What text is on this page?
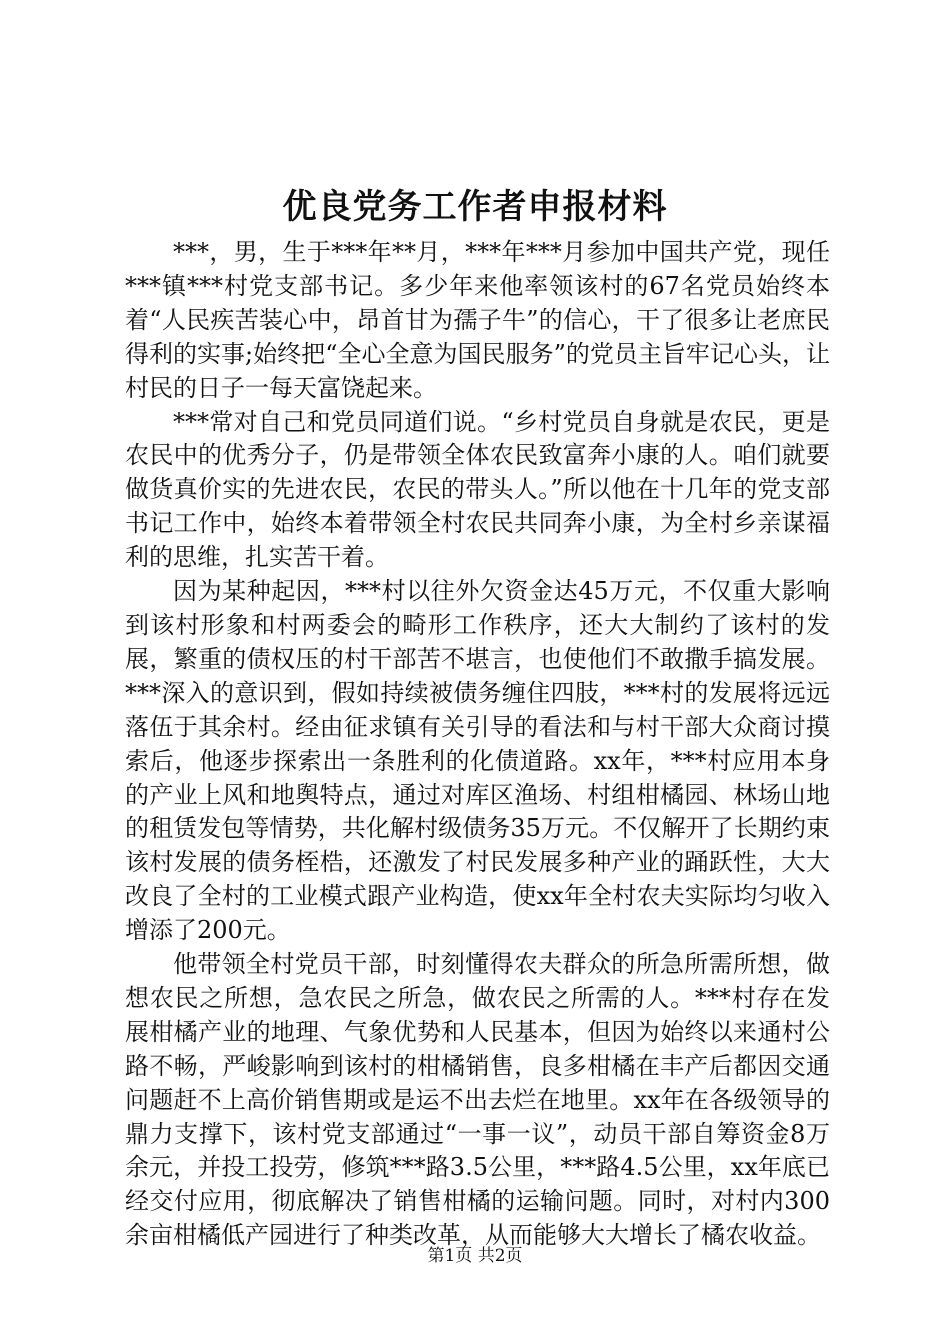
优良党务工作者申报材料

***，男，生于***年**月，***年***月参加中国共产党，现任***镇***村党支部书记。多少年来他率领该村的67名党员始终本着“人民疾苦装心中，昂首甘为孺子牛”的信心，干了很多让老庶民得利的实事;始终把“全心全意为国民服务”的党员主旨牢记心头，让村民的日子一每天富饶起来。

***常对自己和党员同道们说。“乡村党员自身就是农民，更是农民中的优秀分子，仍是带领全体农民致富奔小康的人。咱们就要做货真价实的先进农民，农民的带头人。”所以他在十几年的党支部书记工作中，始终本着带领全村农民共同奔小康，为全村乡亲谋福利的思维，扎实苦干着。

因为某种起因，***村以往外欠资金达45万元，不仅重大影响到该村形象和村两委会的畸形工作秩序，还大大制约了该村的发展，繁重的债权压的村干部苦不堪言，也使他们不敢撒手搞发展。***深入的意识到，假如持续被债务缠住四肢，***村的发展将远远落伍于其余村。经由征求镇有关引导的看法和与村干部大众商讨摸索后，他逐步探索出一条胜利的化债道路。xx年，***村应用本身的产业上风和地舆特点，通过对库区渔场、村组柑橘园、林场山地的租赁发包等情势，共化解村级债务35万元。不仅解开了长期约束该村发展的债务桎梏，还激发了村民发展多种产业的踊跃性，大大改良了全村的工业模式跟产业构造，使xx年全村农夫实际均匀收入增添了200元。

他带领全村党员干部，时刻懂得农夫群众的所急所需所想，做想农民之所想，急农民之所急，做农民之所需的人。***村存在发展柑橘产业的地理、气象优势和人民基本，但因为始终以来通村公路不畅，严峻影响到该村的柑橘销售，良多柑橘在丰产后都因交通问题赶不上高价销售期或是运不出去烂在地里。xx年在各级领导的鼎力支撑下，该村党支部通过“一事一议”，动员干部自筹资金8万余元，并投工投劳，修筑***路3.5公里，***路4.5公里，xx年底已经交付应用，彻底解决了销售柑橘的运输问题。同时，对村内300余亩柑橘低产园进行了种类改革，从而能够大大增长了橘农收益。

第1页 共2页
